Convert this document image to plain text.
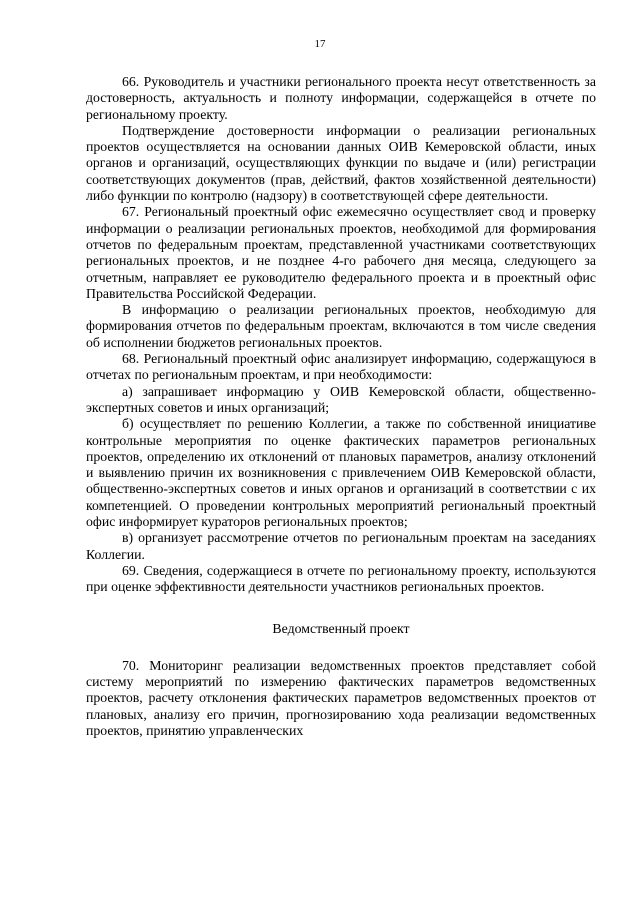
17

66. Руководитель и участники регионального проекта несут ответственность за достоверность, актуальность и полноту информации, содержащейся в отчете по региональному проекту.

Подтверждение достоверности информации о реализации региональных проектов осуществляется на основании данных ОИВ Кемеровской области, иных органов и организаций, осуществляющих функции по выдаче и (или) регистрации соответствующих документов (прав, действий, фактов хозяйственной деятельности) либо функции по контролю (надзору) в соответствующей сфере деятельности.

67. Региональный проектный офис ежемесячно осуществляет свод и проверку информации о реализации региональных проектов, необходимой для формирования отчетов по федеральным проектам, представленной участниками соответствующих региональных проектов, и не позднее 4-го рабочего дня месяца, следующего за отчетным, направляет ее руководителю федерального проекта и в проектный офис Правительства Российской Федерации.

В информацию о реализации региональных проектов, необходимую для формирования отчетов по федеральным проектам, включаются в том числе сведения об исполнении бюджетов региональных проектов.

68. Региональный проектный офис анализирует информацию, содержащуюся в отчетах по региональным проектам, и при необходимости:

а) запрашивает информацию у ОИВ Кемеровской области, общественно-экспертных советов и иных организаций;

б) осуществляет по решению Коллегии, а также по собственной инициативе контрольные мероприятия по оценке фактических параметров региональных проектов, определению их отклонений от плановых параметров, анализу отклонений и выявлению причин их возникновения с привлечением ОИВ Кемеровской области, общественно-экспертных советов и иных органов и организаций в соответствии с их компетенцией. О проведении контрольных мероприятий региональный проектный офис информирует кураторов региональных проектов;

в) организует рассмотрение отчетов по региональным проектам на заседаниях Коллегии.

69. Сведения, содержащиеся в отчете по региональному проекту, используются при оценке эффективности деятельности участников региональных проектов.

Ведомственный проект

70. Мониторинг реализации ведомственных проектов представляет собой систему мероприятий по измерению фактических параметров ведомственных проектов, расчету отклонения фактических параметров ведомственных проектов от плановых, анализу его причин, прогнозированию хода реализации ведомственных проектов, принятию управленческих
